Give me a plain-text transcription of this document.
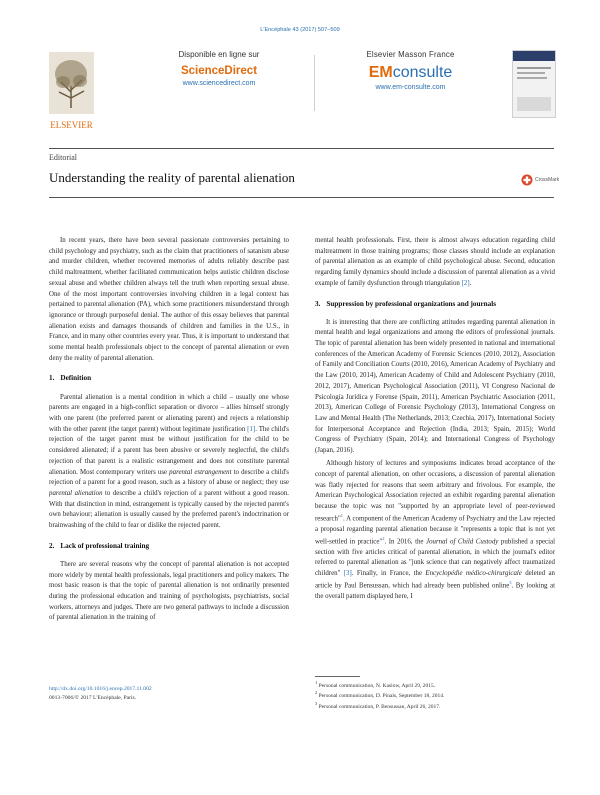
L'Encéphale 43 (2017) 507–509
ELSEVIER
Disponible en ligne sur
ScienceDirect
www.sciencedirect.com
Elsevier Masson France
EMconsulte
www.em-consulte.com
Editorial
Understanding the reality of parental alienation	CrossMark

In recent years, there have been several passionate controversies pertaining to child psychology and psychiatry, such as the claim that practitioners of satanism abuse and murder children, whether recovered memories of adults reliably describe past child maltreatment, whether facilitated communication helps autistic children disclose sexual abuse and whether children always tell the truth when reporting sexual abuse. One of the most important controversies involving children in a legal context has pertained to parental alienation (PA), which some practitioners misunderstand through ignorance or through purposeful denial. The author of this essay believes that parental alienation exists and damages thousands of children and families in the U.S., in France, and in many other countries every year. Thus, it is important to understand that some mental health professionals object to the concept of parental alienation or even deny the reality of parental alienation.

1. Definition

Parental alienation is a mental condition in which a child – usually one whose parents are engaged in a high-conflict separation or divorce – allies himself strongly with one parent (the preferred parent or alienating parent) and rejects a relationship with the other parent (the target parent) without legitimate justification [1]. The child's rejection of the target parent must be without justification for the child to be considered alienated; if a parent has been abusive or severely neglectful, the child's rejection of that parent is a realistic estrangement and does not constitute parental alienation. Most contemporary writers use parental estrangement to describe a child's rejection of a parent for a good reason, such as a history of abuse or neglect; they use parental alienation to describe a child's rejection of a parent without a good reason. With that distinction in mind, estrangement is typically caused by the rejected parent's own behaviour; alienation is usually caused by the preferred parent's indoctrination or brainwashing of the child to fear or dislike the rejected parent.

2. Lack of professional training

There are several reasons why the concept of parental alienation is not accepted more widely by mental health professionals, legal practitioners and policy makers. The most basic reason is that the topic of parental alienation is not ordinarily presented during the professional education and training of psychologists, psychiatrists, social workers, attorneys and judges. There are two general pathways to include a discussion of parental alienation in the training of

mental health professionals. First, there is almost always education regarding child maltreatment in those training programs; those classes should include an explanation of parental alienation as an example of child psychological abuse. Second, education regarding family dynamics should include a discussion of parental alienation as a vivid example of family dysfunction through triangulation [2].

3. Suppression by professional organizations and journals

It is interesting that there are conflicting attitudes regarding parental alienation in mental health and legal organizations and among the editors of professional journals. The topic of parental alienation has been widely presented in national and international conferences of the American Academy of Forensic Sciences (2010, 2012), Association of Family and Conciliation Courts (2010, 2016), American Academy of Psychiatry and the Law (2010, 2014), American Academy of Child and Adolescent Psychiatry (2010, 2012, 2017), American Psychological Association (2011), VI Congreso Nacional de Psicología Jurídica y Forense (Spain, 2011), American Psychiatric Association (2011, 2013), American College of Forensic Psychology (2013), International Congress on Law and Mental Health (The Netherlands, 2013; Czechia, 2017), International Society for Interpersonal Acceptance and Rejection (India, 2013; Spain, 2015); World Congress of Psychiatry (Spain, 2014); and International Congress of Psychology (Japan, 2016).

Although history of lectures and symposiums indicates broad acceptance of the concept of parental alienation, on other occasions, a discussion of parental alienation was flatly rejected for reasons that seem arbitrary and frivolous. For example, the American Psychological Association rejected an exhibit regarding parental alienation because the topic was not "supported by an appropriate level of peer-reviewed research"$^1$. A component of the American Academy of Psychiatry and the Law rejected a proposal regarding parental alienation because it "represents a topic that is not yet well-settled in practice"$^2$. In 2016, the Journal of Child Custody published a special section with five articles critical of parental alienation, in which the journal's editor referred to parental alienation as "junk science that can negatively affect traumatized children" [3]. Finally, in France, the Encyclopédie médico-chirurgicale deleted an article by Paul Bensussan, which had already been published online$^3$. By looking at the overall pattern displayed here, I

$^1$ Personal communication, N. Kaslow, April 29, 2015.
$^2$ Personal communication, D. Pinals, September 18, 2014.
$^3$ Personal communication, P. Bensussan, April 26, 2017.
http://dx.doi.org/10.1016/j.encep.2017.11.002
0013-7006/© 2017 L'Encéphale, Paris.
